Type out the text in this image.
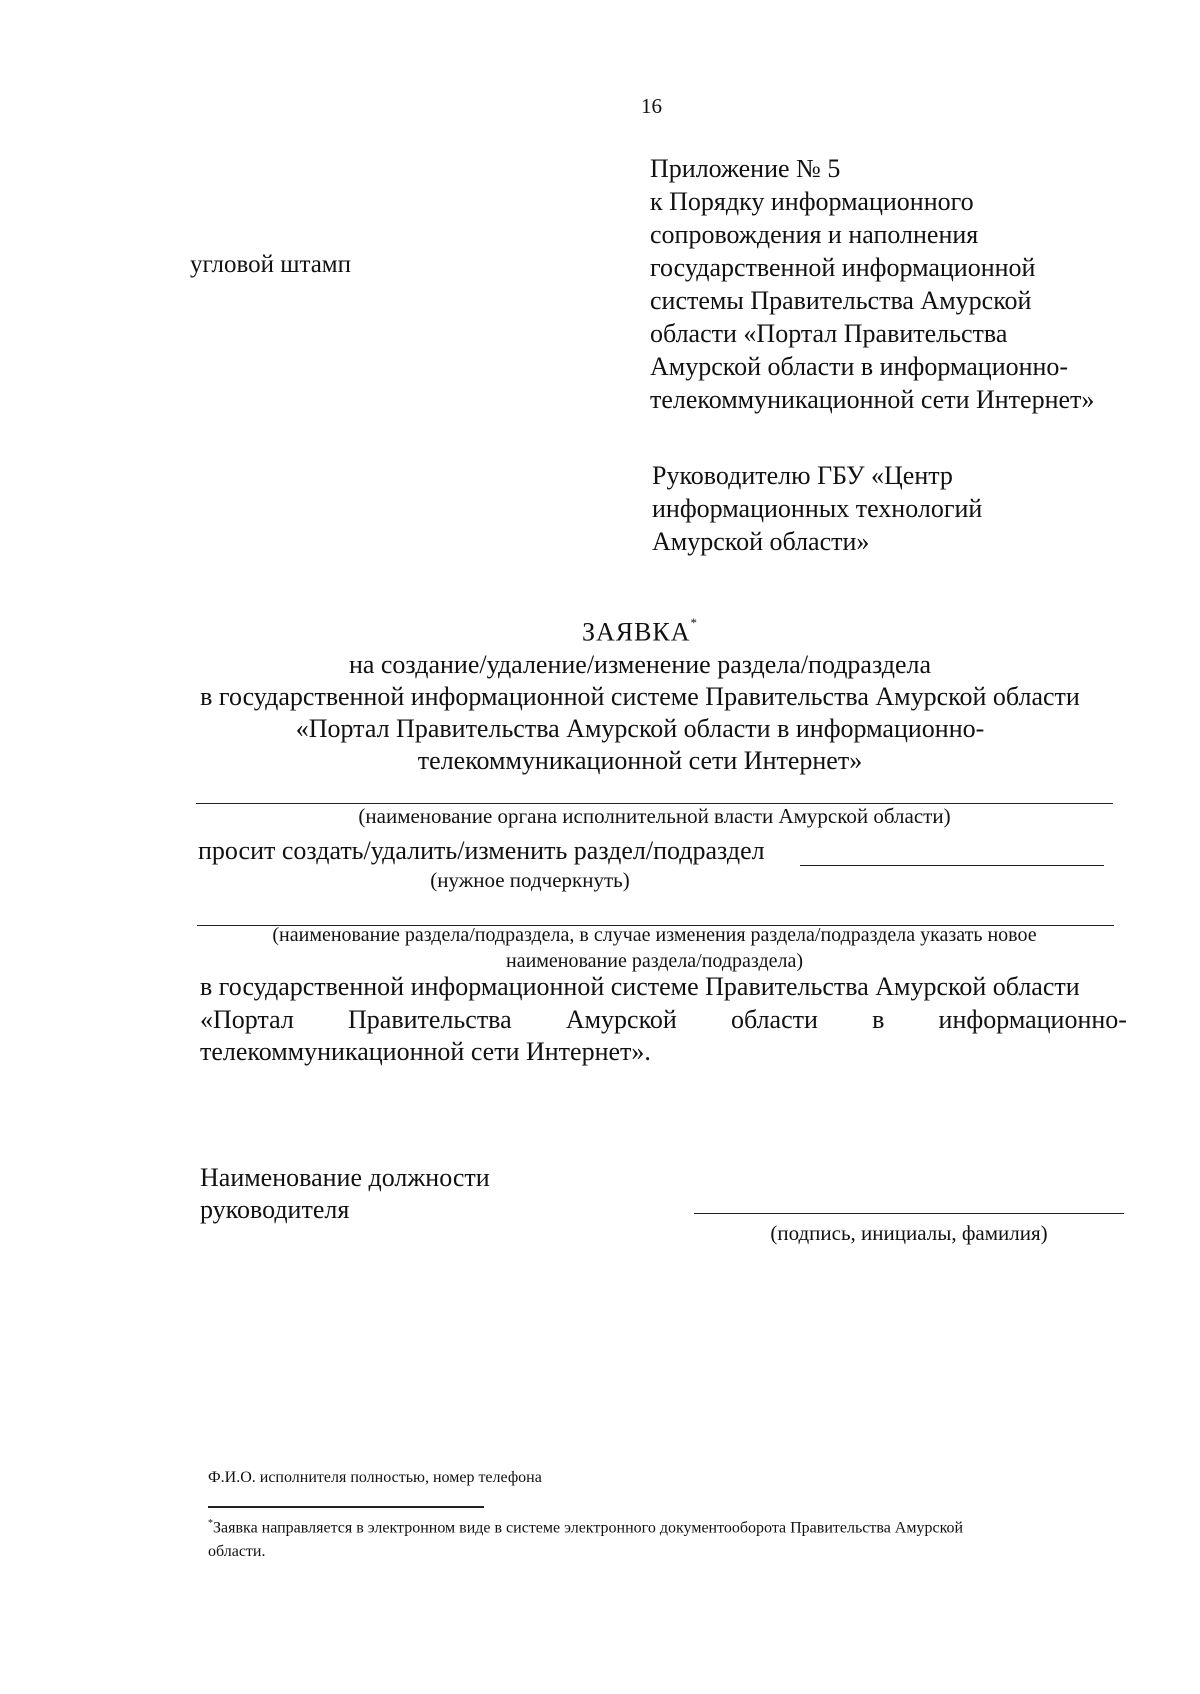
16
угловой штамп
Приложение № 5
к Порядку информационного
сопровождения и наполнения
государственной информационной
системы Правительства Амурской
области «Портал Правительства
Амурской области в информационно-
телекоммуникационной сети Интернет»
Руководителю ГБУ «Центр
информационных технологий
Амурской области»
ЗАЯВКА*
на создание/удаление/изменение раздела/подраздела
в государственной информационной системе Правительства Амурской области
«Портал Правительства Амурской области в информационно-
телекоммуникационной сети Интернет»
(наименование органа исполнительной власти Амурской области)
просит создать/удалить/изменить раздел/подраздел
(нужное подчеркнуть)
(наименование раздела/подраздела, в случае изменения раздела/подраздела указать новое
наименование раздела/подраздела)
в государственной информационной системе Правительства Амурской области
«Портал Правительства Амурской области в информационно-
телекоммуникационной сети Интернет».
Наименование должности
руководителя
(подпись, инициалы, фамилия)
Ф.И.О. исполнителя полностью, номер телефона
*Заявка направляется в электронном виде в системе электронного документооборота Правительства Амурской
области.
